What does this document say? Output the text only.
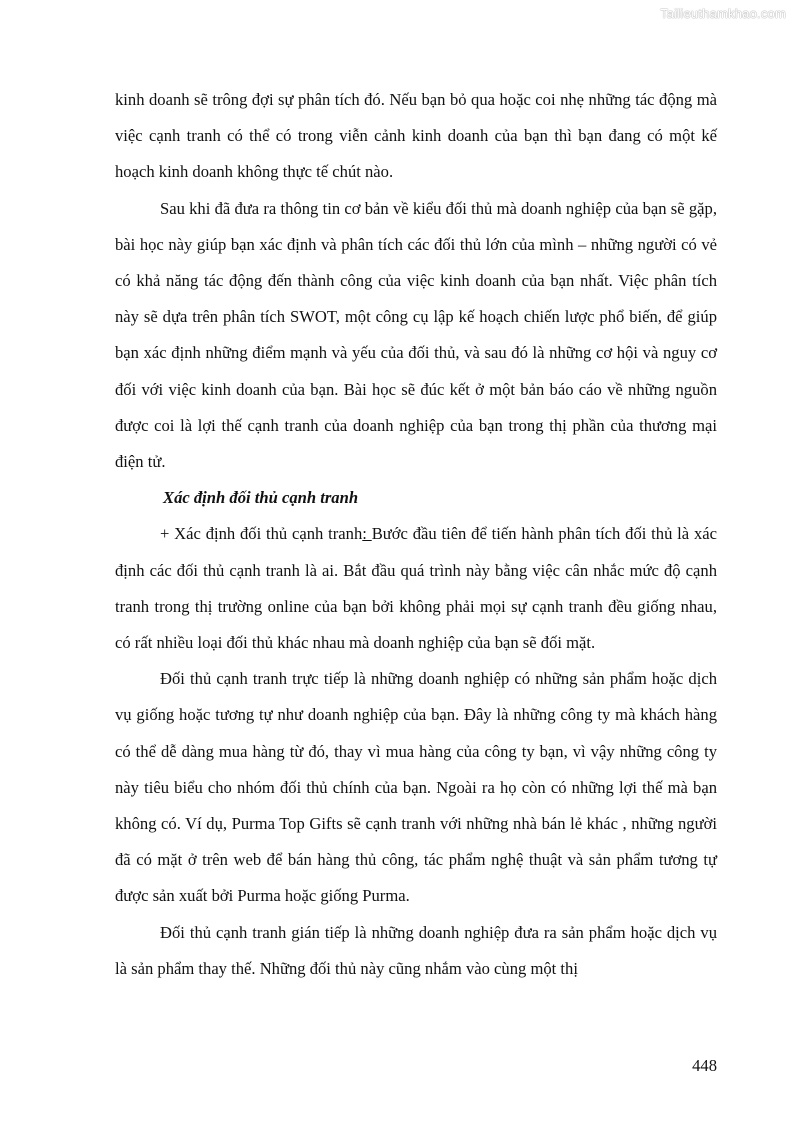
Tailieuthamkhao.com

kinh doanh sẽ trông đợi sự phân tích đó. Nếu bạn bỏ qua hoặc coi nhẹ những tác động mà việc cạnh tranh có thể có trong viễn cảnh kinh doanh của bạn thì bạn đang có một kế hoạch kinh doanh không thực tế chút nào.

Sau khi đã đưa ra thông tin cơ bản về kiểu đối thủ mà doanh nghiệp của bạn sẽ gặp, bài học này giúp bạn xác định và phân tích các đối thủ lớn của mình – những người có vẻ có khả năng tác động đến thành công của việc kinh doanh của bạn nhất. Việc phân tích này sẽ dựa trên phân tích SWOT, một công cụ lập kế hoạch chiến lược phổ biến, để giúp bạn xác định những điểm mạnh và yếu của đối thủ, và sau đó là những cơ hội và nguy cơ đối với việc kinh doanh của bạn. Bài học sẽ đúc kết ở một bản báo cáo về những nguồn được coi là lợi thế cạnh tranh của doanh nghiệp của bạn trong thị phần của thương mại điện tử.

Xác định đối thủ cạnh tranh

+ Xác định đối thủ cạnh tranh: Bước đầu tiên để tiến hành phân tích đối thủ là xác định các đối thủ cạnh tranh là ai. Bắt đầu quá trình này bằng việc cân nhắc mức độ cạnh tranh trong thị trường online của bạn bởi không phải mọi sự cạnh tranh đều giống nhau, có rất nhiều loại đối thủ khác nhau mà doanh nghiệp của bạn sẽ đối mặt.

Đối thủ cạnh tranh trực tiếp là những doanh nghiệp có những sản phẩm hoặc dịch vụ giống hoặc tương tự như doanh nghiệp của bạn. Đây là những công ty mà khách hàng có thể dễ dàng mua hàng từ đó, thay vì mua hàng của công ty bạn, vì vậy những công ty này tiêu biểu cho nhóm đối thủ chính của bạn. Ngoài ra họ còn có những lợi thế mà bạn không có. Ví dụ, Purma Top Gifts sẽ cạnh tranh với những nhà bán lẻ khác , những người đã có mặt ở trên web để bán hàng thủ công, tác phẩm nghệ thuật và sản phẩm tương tự được sản xuất bởi Purma hoặc giống Purma.

Đối thủ cạnh tranh gián tiếp là những doanh nghiệp đưa ra sản phẩm hoặc dịch vụ là sản phẩm thay thế. Những đối thủ này cũng nhắm vào cùng một thị

448
